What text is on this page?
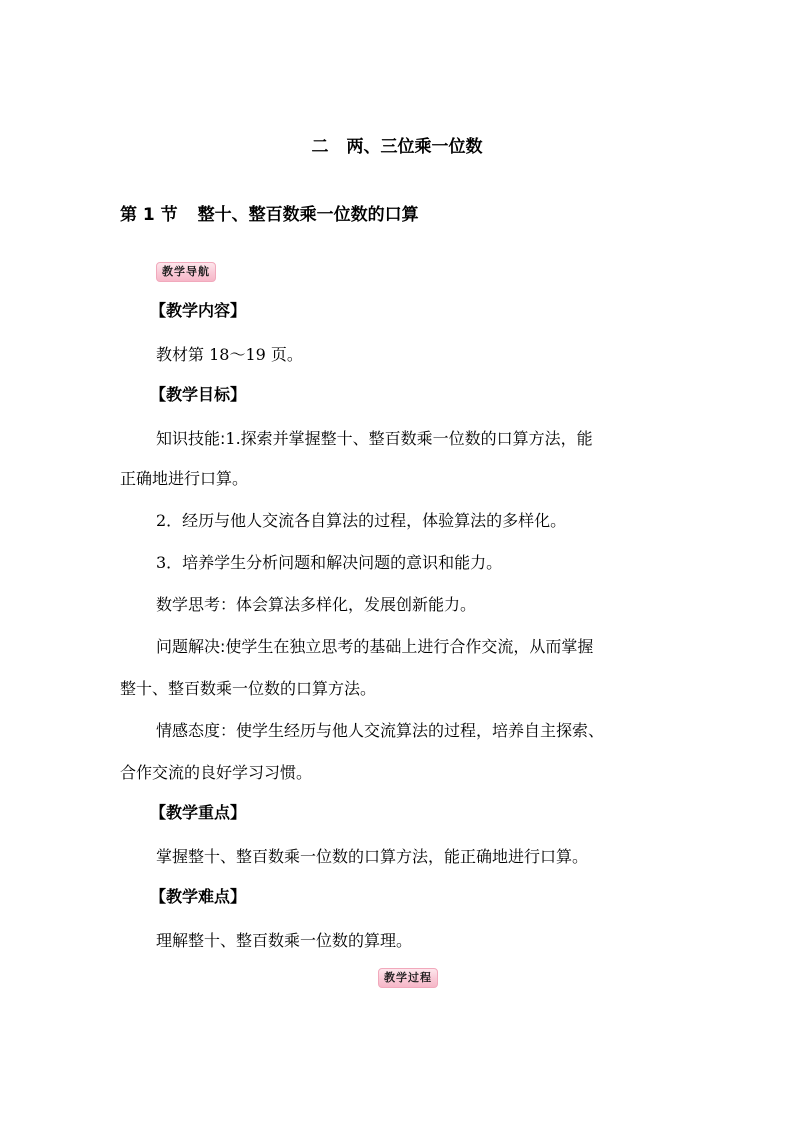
二 两、三位乘一位数
第 1 节 整十、整百数乘一位数的口算
教学导航
【教学内容】
教材第 18～19 页。
【教学目标】
知识技能:1.探索并掌握整十、整百数乘一位数的口算方法，能
正确地进行口算。
2．经历与他人交流各自算法的过程，体验算法的多样化。
3．培养学生分析问题和解决问题的意识和能力。
数学思考：体会算法多样化，发展创新能力。
问题解决:使学生在独立思考的基础上进行合作交流，从而掌握
整十、整百数乘一位数的口算方法。
情感态度：使学生经历与他人交流算法的过程，培养自主探索、
合作交流的良好学习习惯。
【教学重点】
掌握整十、整百数乘一位数的口算方法，能正确地进行口算。
【教学难点】
理解整十、整百数乘一位数的算理。
教学过程
